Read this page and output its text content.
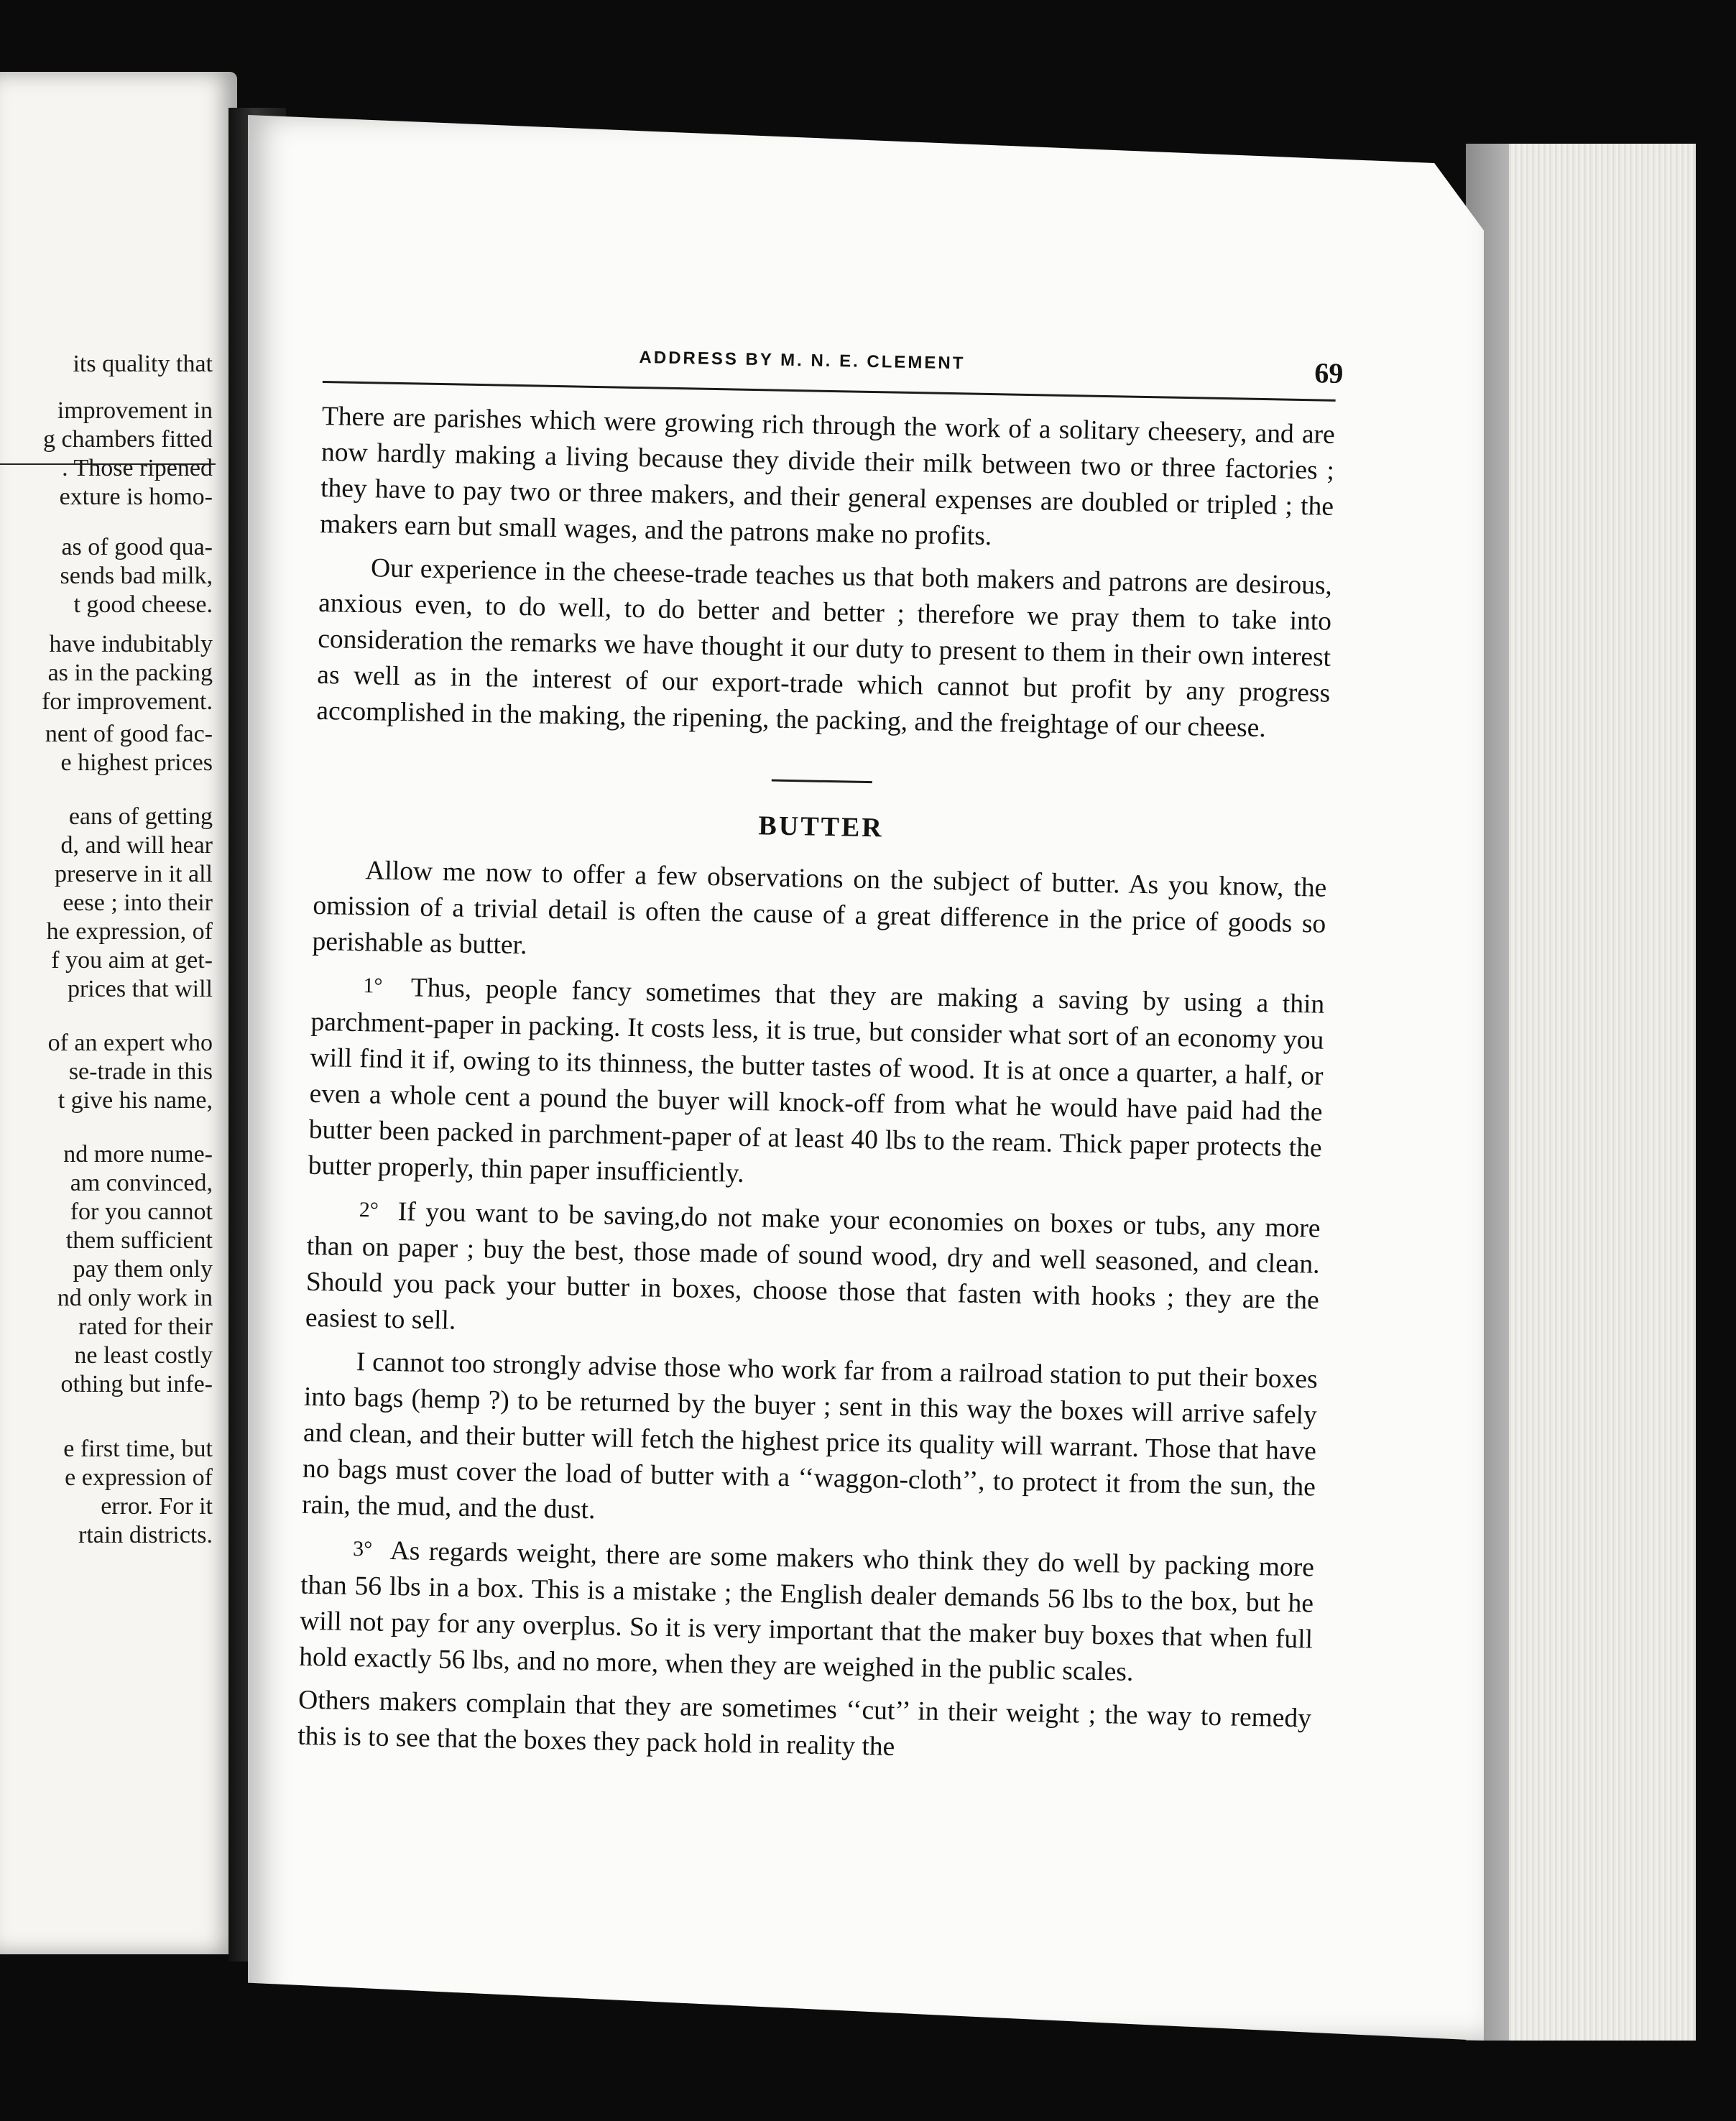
its quality that
improvement in
g chambers fitted
. Those ripened
exture is homo-
as of good qua-
sends bad milk,
t good cheese.
have indubitably
as in the packing
for improvement.
nent of good fac-
e highest prices
eans of getting
d, and will hear
preserve in it all
eese ; into their
he expression, of
f you aim at get-
prices that will
of an expert who
se-trade in this
t give his name,
nd more nume-
am convinced,
for you cannot
them sufficient
pay them only
nd only work in
rated for their
ne least costly
othing but infe-
e first time, but
e expression of
error. For it
rtain districts.
ADDRESS BY M. N. E. CLEMENT	69

There are parishes which were growing rich through the work of a solitary cheesery, and are now hardly making a living because they divide their milk between two or three factories ; they have to pay two or three makers, and their general expenses are doubled or tripled ; the makers earn but small wages, and the patrons make no profits.

Our experience in the cheese-trade teaches us that both makers and patrons are desirous, anxious even, to do well, to do better and better ; therefore we pray them to take into consideration the remarks we have thought it our duty to present to them in their own interest as well as in the interest of our export-trade which cannot but profit by any progress accomplished in the making, the ripening, the packing, and the freightage of our cheese.

BUTTER

Allow me now to offer a few observations on the subject of butter. As you know, the omission of a trivial detail is often the cause of a great difference in the price of goods so perishable as butter.

1° Thus, people fancy sometimes that they are making a saving by using a thin parchment-paper in packing. It costs less, it is true, but consider what sort of an economy you will find it if, owing to its thinness, the butter tastes of wood. It is at once a quarter, a half, or even a whole cent a pound the buyer will knock-off from what he would have paid had the butter been packed in parchment-paper of at least 40 lbs to the ream. Thick paper protects the butter properly, thin paper insufficiently.

2° If you want to be saving,do not make your economies on boxes or tubs, any more than on paper ; buy the best, those made of sound wood, dry and well seasoned, and clean. Should you pack your butter in boxes, choose those that fasten with hooks ; they are the easiest to sell.

I cannot too strongly advise those who work far from a railroad station to put their boxes into bags (hemp ?) to be returned by the buyer ; sent in this way the boxes will arrive safely and clean, and their butter will fetch the highest price its quality will warrant. Those that have no bags must cover the load of butter with a ‘‘waggon-cloth’’, to protect it from the sun, the rain, the mud, and the dust.

3° As regards weight, there are some makers who think they do well by packing more than 56 lbs in a box. This is a mistake ; the English dealer demands 56 lbs to the box, but he will not pay for any overplus. So it is very important that the maker buy boxes that when full hold exactly 56 lbs, and no more, when they are weighed in the public scales.

Others makers complain that they are sometimes ‘‘cut’’ in their weight ; the way to remedy this is to see that the boxes they pack hold in reality the
